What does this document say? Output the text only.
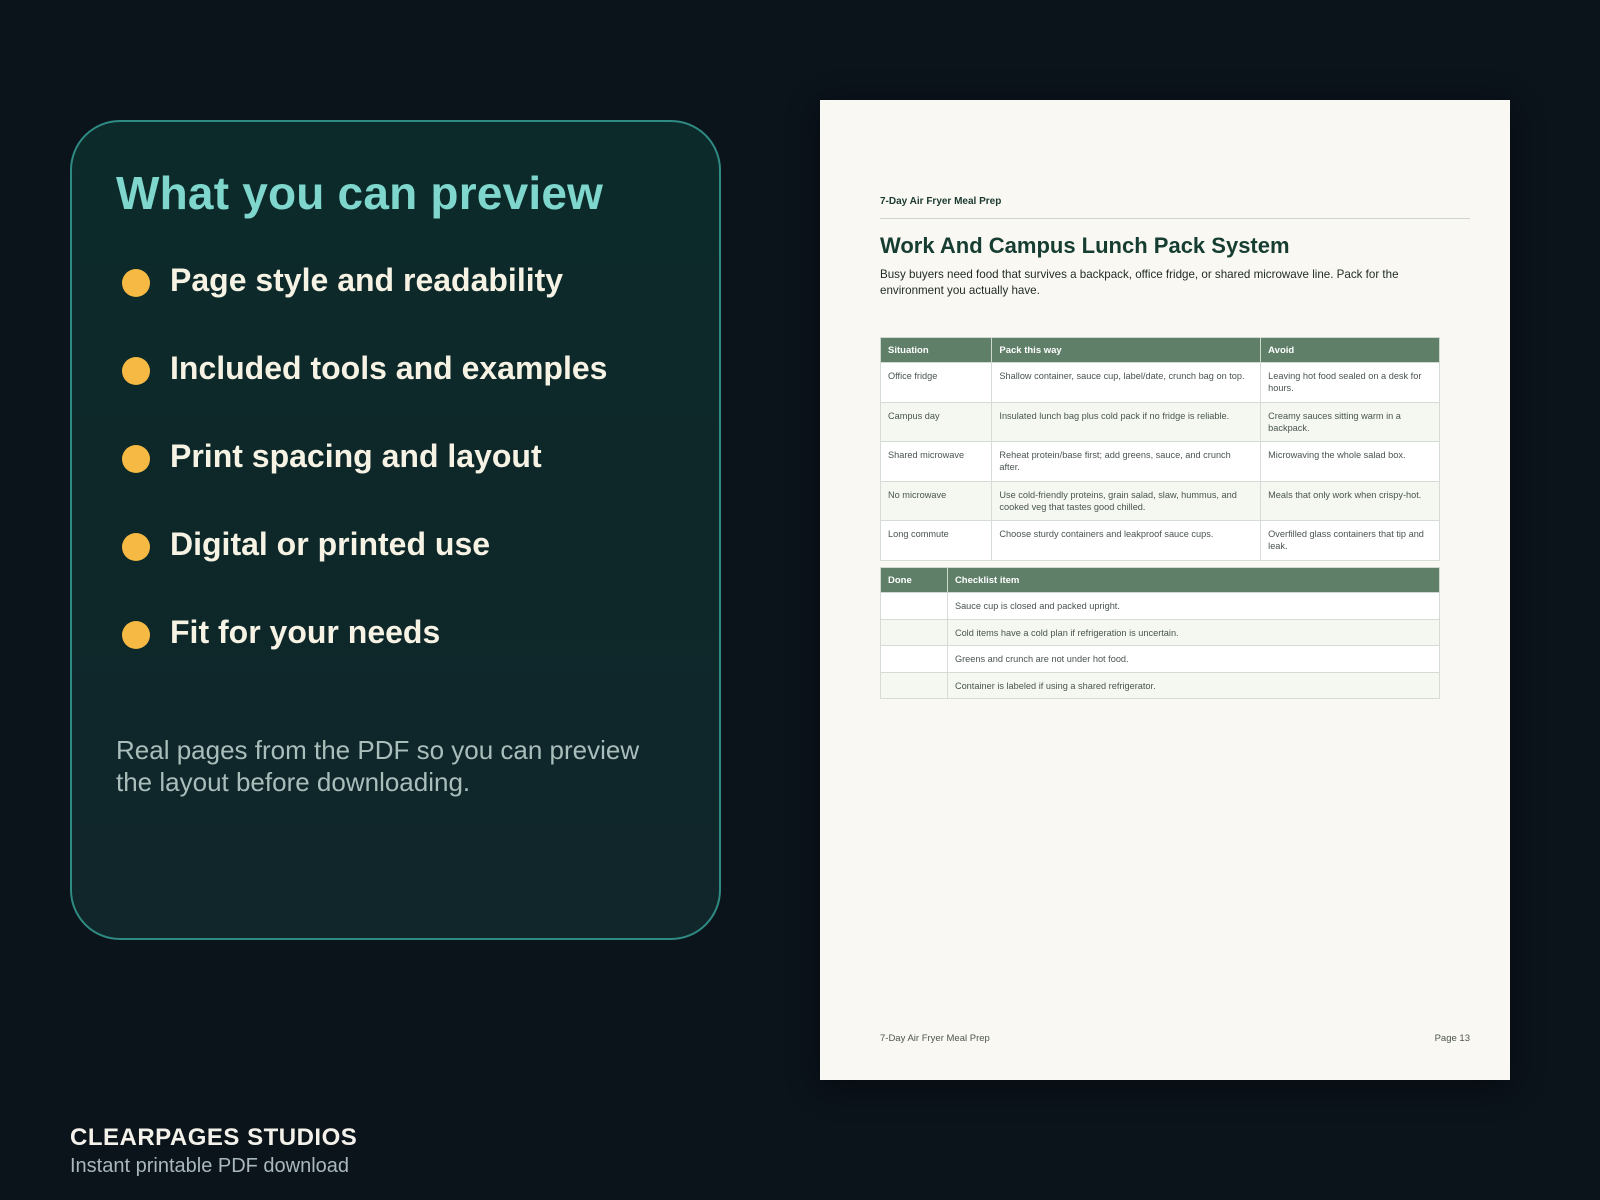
What you can preview
Page style and readability
Included tools and examples
Print spacing and layout
Digital or printed use
Fit for your needs

Real pages from the PDF so you can preview the layout before downloading.

CLEARPAGES STUDIOS
Instant printable PDF download
7-Day Air Fryer Meal Prep
Work And Campus Lunch Pack System

Busy buyers need food that survives a backpack, office fridge, or shared microwave line. Pack for the environment you actually have.

Situation	Pack this way	Avoid
Office fridge	Shallow container, sauce cup, label/date, crunch bag on top.	Leaving hot food sealed on a desk for hours.
Campus day	Insulated lunch bag plus cold pack if no fridge is reliable.	Creamy sauces sitting warm in a backpack.
Shared microwave	Reheat protein/base first; add greens, sauce, and crunch after.	Microwaving the whole salad box.
No microwave	Use cold-friendly proteins, grain salad, slaw, hummus, and cooked veg that tastes good chilled.	Meals that only work when crispy-hot.
Long commute	Choose sturdy containers and leakproof sauce cups.	Overfilled glass containers that tip and leak.
Done	Checklist item
	Sauce cup is closed and packed upright.
	Cold items have a cold plan if refrigeration is uncertain.
	Greens and crunch are not under hot food.
	Container is labeled if using a shared refrigerator.
7-Day Air Fryer Meal Prep	Page 13
